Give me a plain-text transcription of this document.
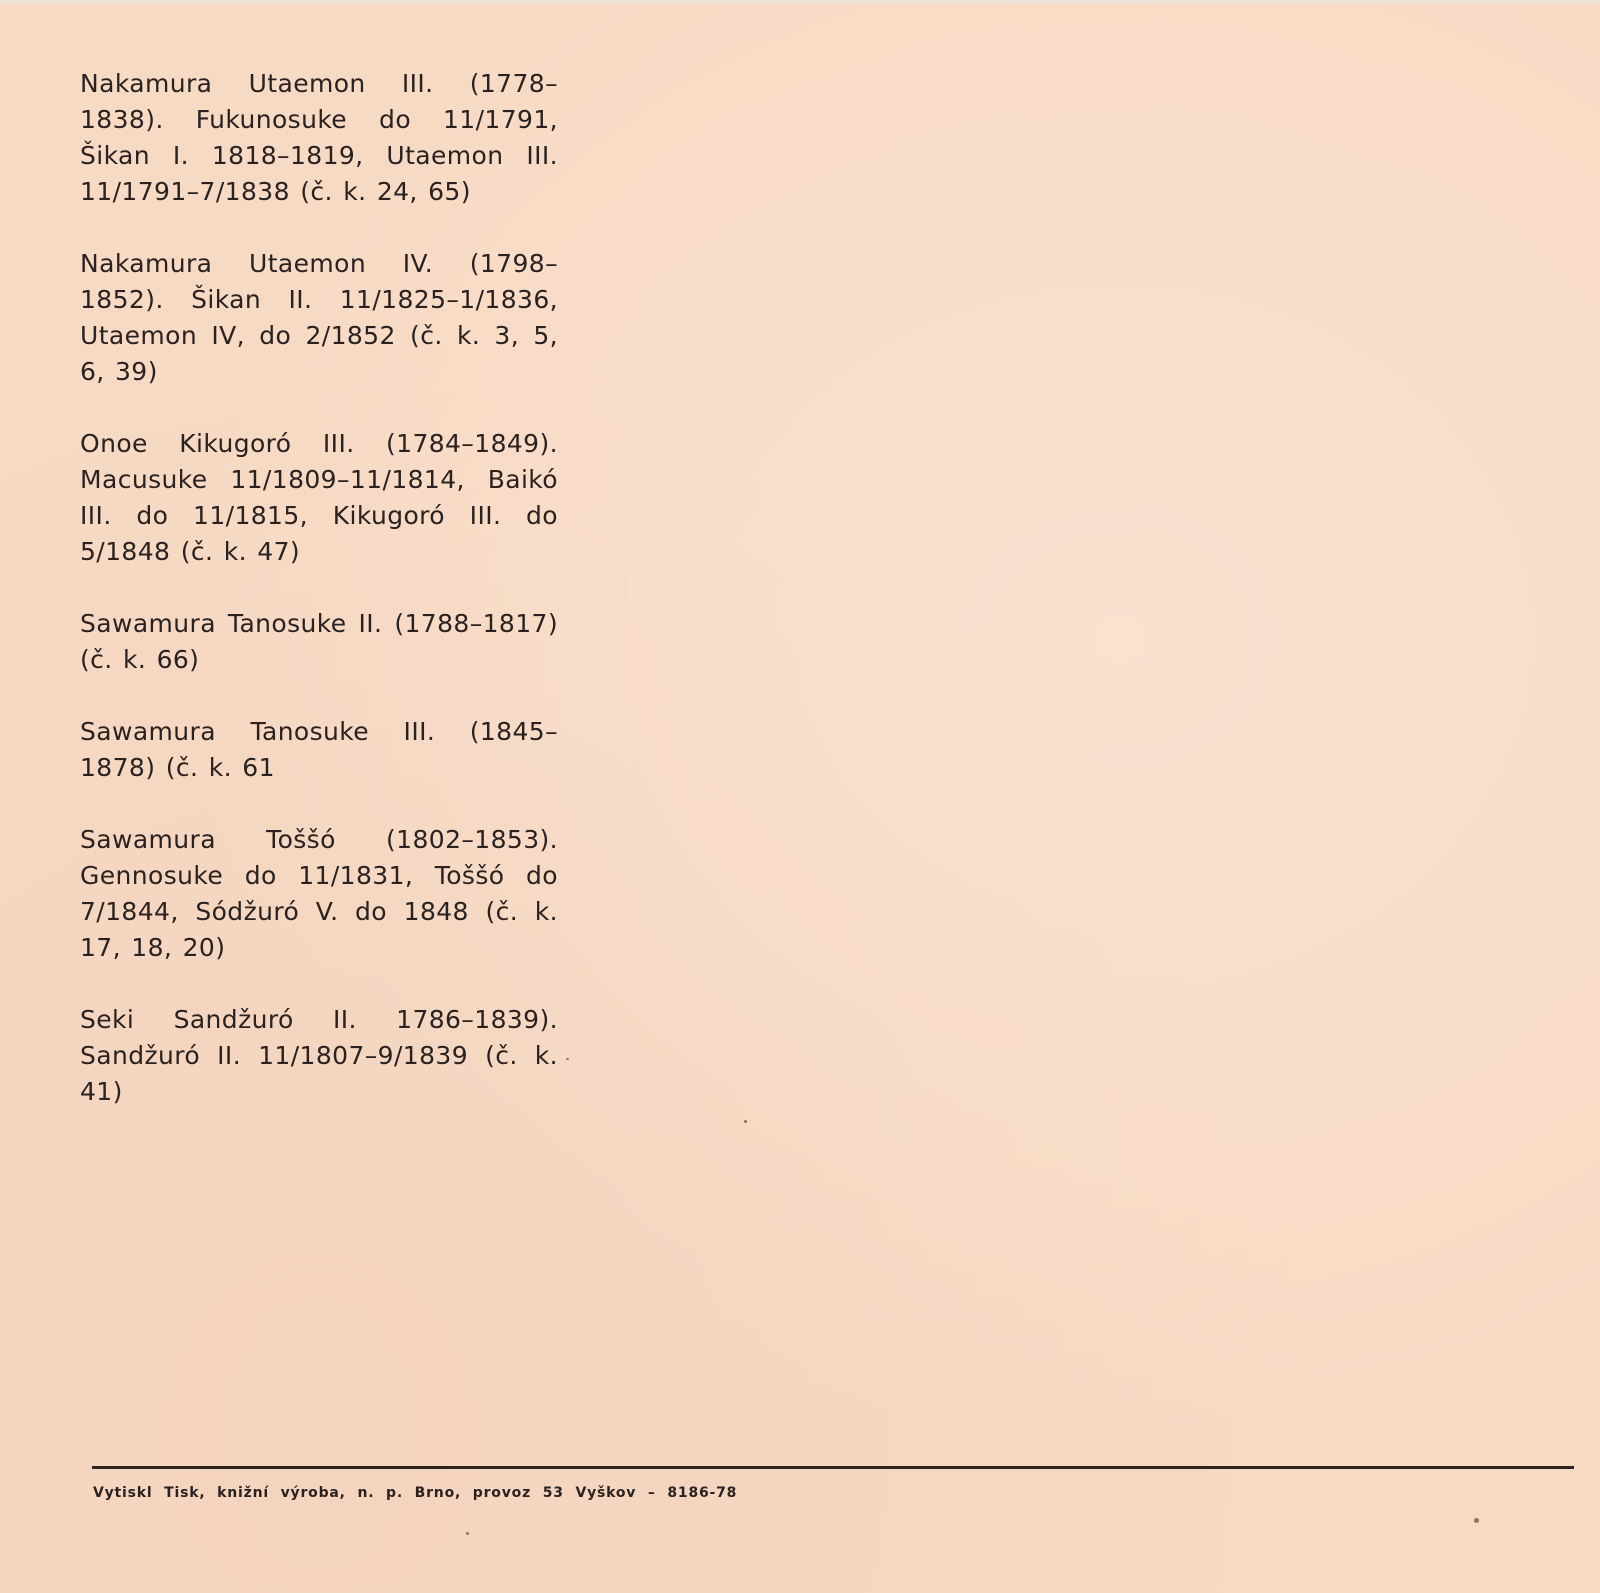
Nakamura Utaemon III. (1778–1838). Fukunosuke do 11/1791, Šikan I. 1818–1819, Utaemon III. 11/1791–7/1838 (č. k. 24, 65)

Nakamura Utaemon IV. (1798–1852). Šikan II. 11/1825–1/1836, Utaemon IV, do 2/1852 (č. k. 3, 5, 6, 39)

Onoe Kikugoró III. (1784–1849). Macusuke 11/1809–11/1814, Baikó III. do 11/1815, Kikugoró III. do 5/1848 (č. k. 47)

Sawamura Tanosuke II. (1788–1817) (č. k. 66)

Sawamura Tanosuke III. (1845–1878) (č. k. 61

Sawamura Toššó (1802–1853). Gennosuke do 11/1831, Toššó do 7/1844, Sódžuró V. do 1848 (č. k. 17, 18, 20)

Seki Sandžuró II. 1786–1839). Sandžuró II. 11/1807–9/1839 (č. k. 41)

Vytiskl Tisk, knižní výroba, n. p. Brno, provoz 53 Vyškov – 8186-78
